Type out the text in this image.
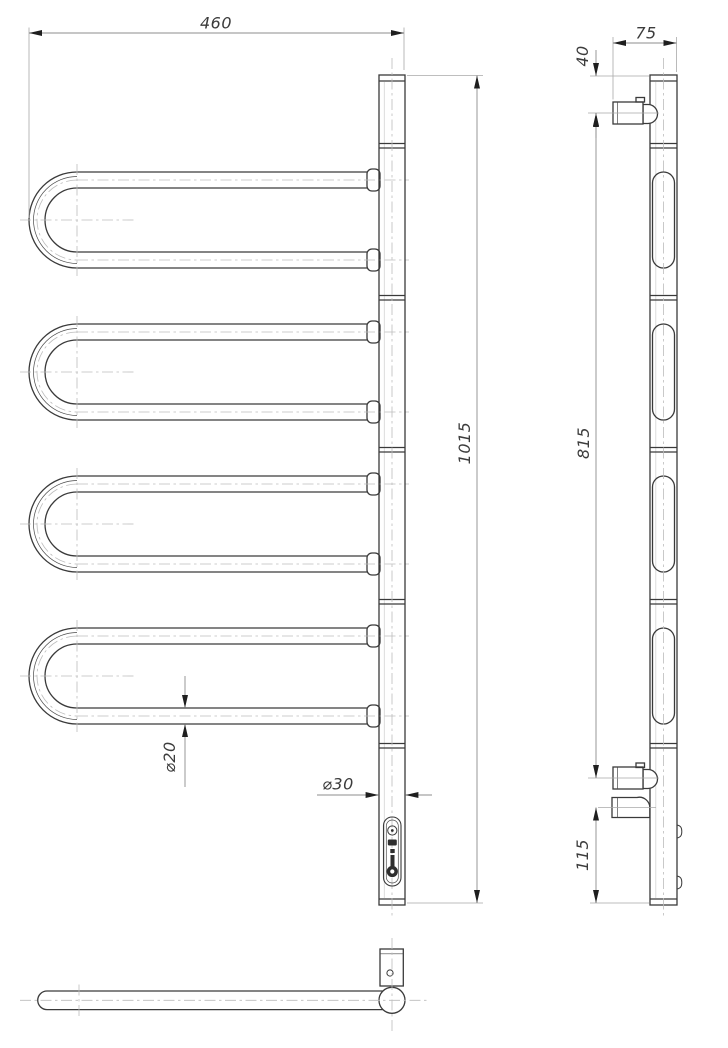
460
1015	815
75
40
115
⌀20
⌀30
